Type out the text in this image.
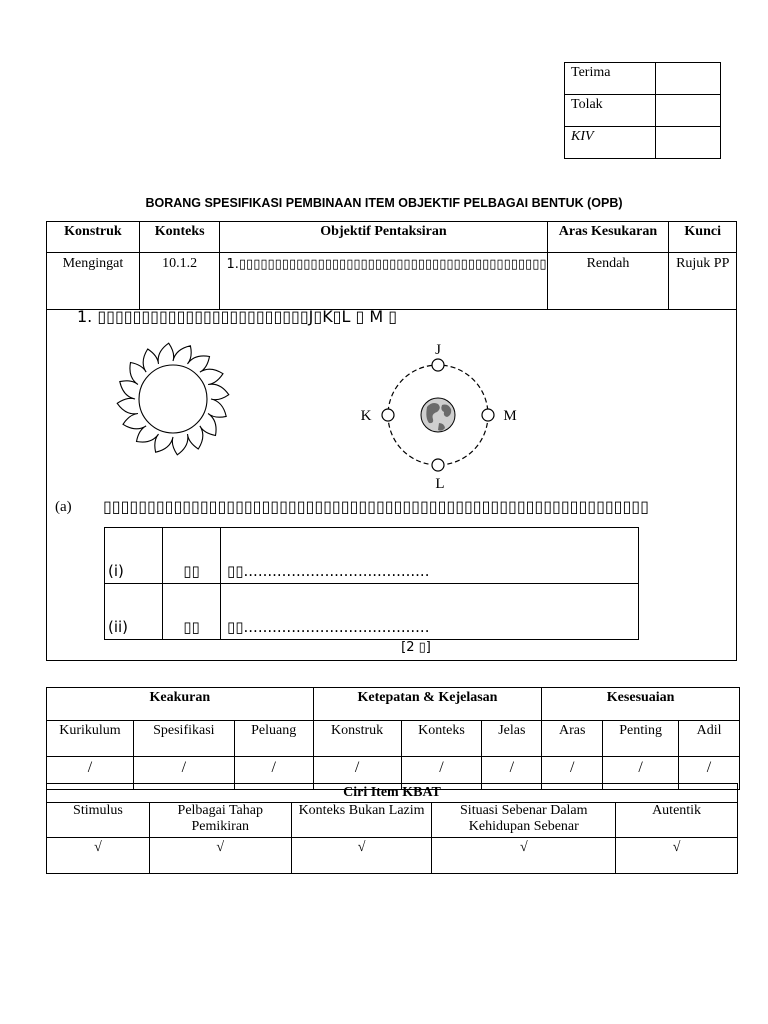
Terima	
Tolak	
KIV	
BORANG SPESIFIKASI PEMBINAAN ITEM OBJEKTIF PELBAGAI BENTUK (OPB)
Konstruk	Konteks	Objektif Pentaksiran	Aras Kesukaran	Kunci
Mengingat	10.1.2	1.▯▯▯▯▯▯▯▯▯▯▯▯▯▯▯▯▯▯▯▯▯▯▯▯▯▯▯▯▯▯▯▯▯▯▯▯▯▯▯▯▯▯▯	Rendah	Rujuk PP
1. ▯▯▯▯▯▯▯▯▯▯▯▯▯▯▯▯▯▯▯▯▯▯▯▯J▯K▯L ▯ M ▯
J
K	M
L
(a) ▯▯▯▯▯▯▯▯▯▯▯▯▯▯▯▯▯▯▯▯▯▯▯▯▯▯▯▯▯▯▯▯▯▯▯▯▯▯▯▯▯▯▯▯▯▯▯▯▯▯▯▯▯▯▯▯▯▯▯▯▯▯
(i)	▯▯	▯▯.......................................
(ii)	▯▯	▯▯.......................................
[2 ▯]
Keakuran			Ketepatan & Kejelasan			Kesesuaian		
Kurikulum	Spesifikasi	Peluang	Konstruk	Konteks	Jelas	Aras	Penting	Adil
/	/	/	/	/	/	/	/	/
Ciri Item KBAT				
Stimulus	Pelbagai Tahap Pemikiran	Konteks Bukan Lazim	Situasi Sebenar Dalam Kehidupan Sebenar	Autentik
√	√	√	√	√
